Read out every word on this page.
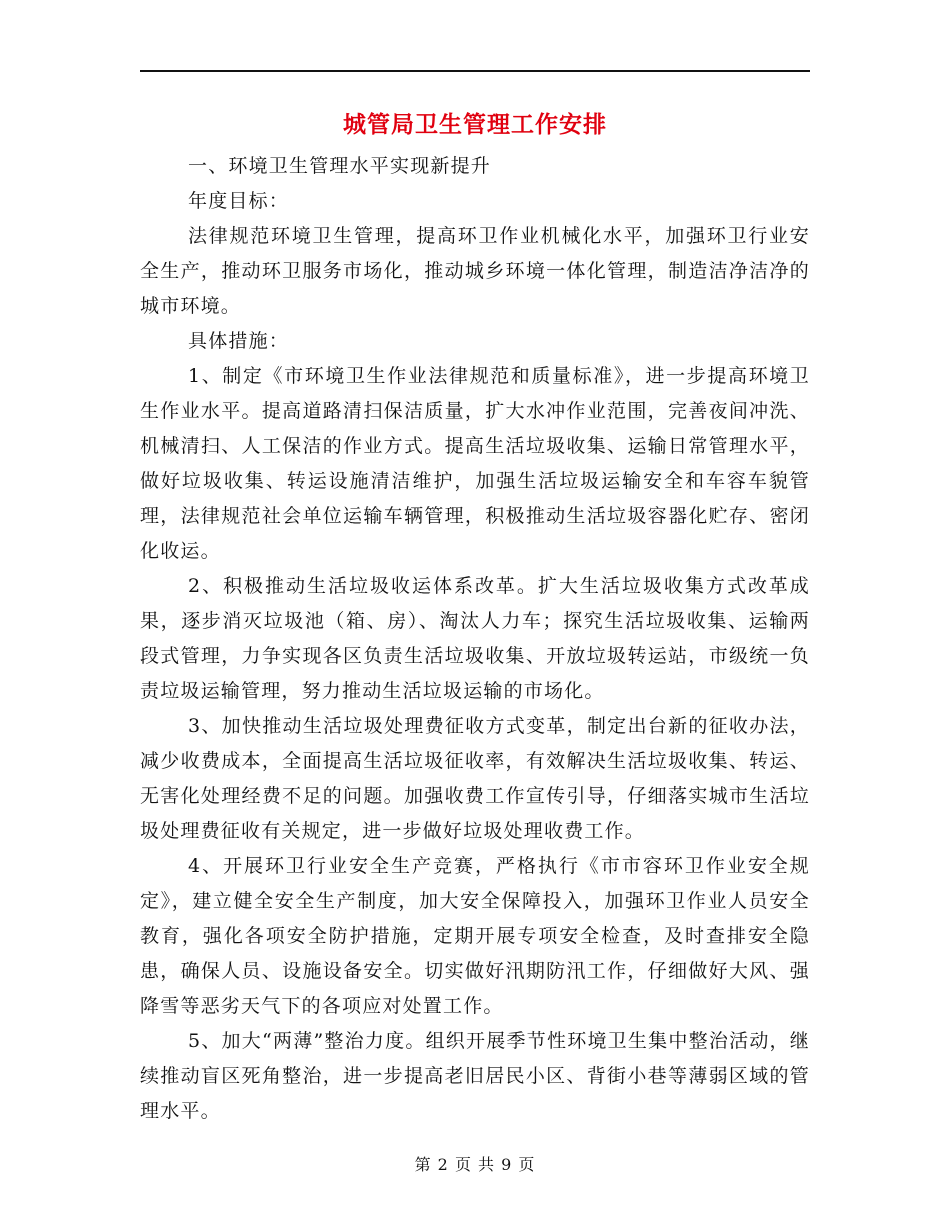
城管局卫生管理工作安排

一、环境卫生管理水平实现新提升

年度目标：

法律规范环境卫生管理，提高环卫作业机械化水平，加强环卫行业安全生产，推动环卫服务市场化，推动城乡环境一体化管理，制造洁净洁净的城市环境。

具体措施：

1、制定《市环境卫生作业法律规范和质量标准》，进一步提高环境卫生作业水平。提高道路清扫保洁质量，扩大水冲作业范围，完善夜间冲洗、机械清扫、人工保洁的作业方式。提高生活垃圾收集、运输日常管理水平，做好垃圾收集、转运设施清洁维护，加强生活垃圾运输安全和车容车貌管理，法律规范社会单位运输车辆管理，积极推动生活垃圾容器化贮存、密闭化收运。

2、积极推动生活垃圾收运体系改革。扩大生活垃圾收集方式改革成果，逐步消灭垃圾池（箱、房）、淘汰人力车；探究生活垃圾收集、运输两段式管理，力争实现各区负责生活垃圾收集、开放垃圾转运站，市级统一负责垃圾运输管理，努力推动生活垃圾运输的市场化。

3、加快推动生活垃圾处理费征收方式变革，制定出台新的征收办法，减少收费成本，全面提高生活垃圾征收率，有效解决生活垃圾收集、转运、无害化处理经费不足的问题。加强收费工作宣传引导，仔细落实城市生活垃圾处理费征收有关规定，进一步做好垃圾处理收费工作。

4、开展环卫行业安全生产竞赛，严格执行《市市容环卫作业安全规定》，建立健全安全生产制度，加大安全保障投入，加强环卫作业人员安全教育，强化各项安全防护措施，定期开展专项安全检查，及时查排安全隐患，确保人员、设施设备安全。切实做好汛期防汛工作，仔细做好大风、强降雪等恶劣天气下的各项应对处置工作。

5、加大“两薄”整治力度。组织开展季节性环境卫生集中整治活动，继续推动盲区死角整治，进一步提高老旧居民小区、背街小巷等薄弱区域的管理水平。

第 2 页 共 9 页
